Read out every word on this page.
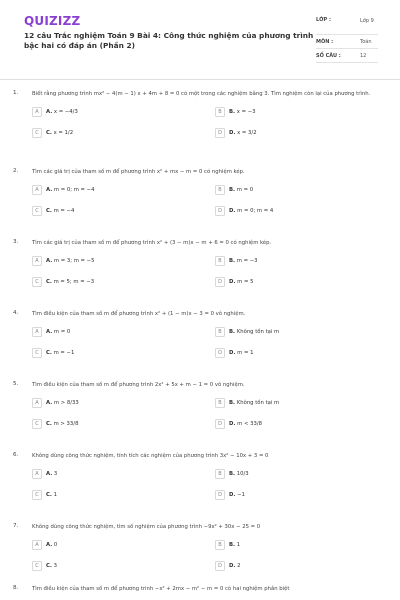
QUIZIZZ
12 câu Trắc nghiệm Toán 9 Bài 4: Công thức nghiệm của phương trình bậc hai có đáp án (Phần 2)
LỚP :	Lớp 9
MÔN :	Toán
SỐ CÂU :	12
1.	Biết rằng phương trình mx² − 4(m − 1) x + 4m + 8 = 0 có một trong các nghiệm bằng 3. Tìm nghiệm còn lại của phương trình.
A	A. x = −4/3	B	B. x = −3
C	C. x = 1/2	D	D. x = 3/2
2.	Tìm các giá trị của tham số m để phương trình x² + mx − m = 0 có nghiệm kép.
A	A. m = 0; m = −4	B	B. m = 0
C	C. m = −4	D	D. m = 0; m = 4
3.	Tìm các giá trị của tham số m để phương trình x² + (3 − m)x − m + 6 = 0 có nghiệm kép.
A	A. m = 3; m = −5	B	B. m = −3
C	C. m = 5; m = −3	D	D. m = 5
4.	Tìm điều kiện của tham số m để phương trình x² + (1 − m)x − 3 = 0 vô nghiệm.
A	A. m = 0	B	B. Không tồn tại m
C	C. m = −1	D	D. m = 1
5.	Tìm điều kiện của tham số m để phương trình 2x² + 5x + m − 1 = 0 vô nghiệm.
A	A. m > 8/33	B	B. Không tồn tại m
C	C. m > 33/8	D	D. m < 33/8
6.	Không dùng công thức nghiệm, tính tích các nghiệm của phương trình 3x² − 10x + 3 = 0
A	A. 3	B	B. 10/3
C	C. 1	D	D. −1
7.	Không dùng công thức nghiệm, tìm số nghiệm của phương trình −9x² + 30x − 25 = 0
A	A. 0	B	B. 1
C	C. 3	D	D. 2
8.	Tìm điều kiện của tham số m để phương trình −x² + 2mx − m² − m = 0 có hai nghiệm phân biệt
